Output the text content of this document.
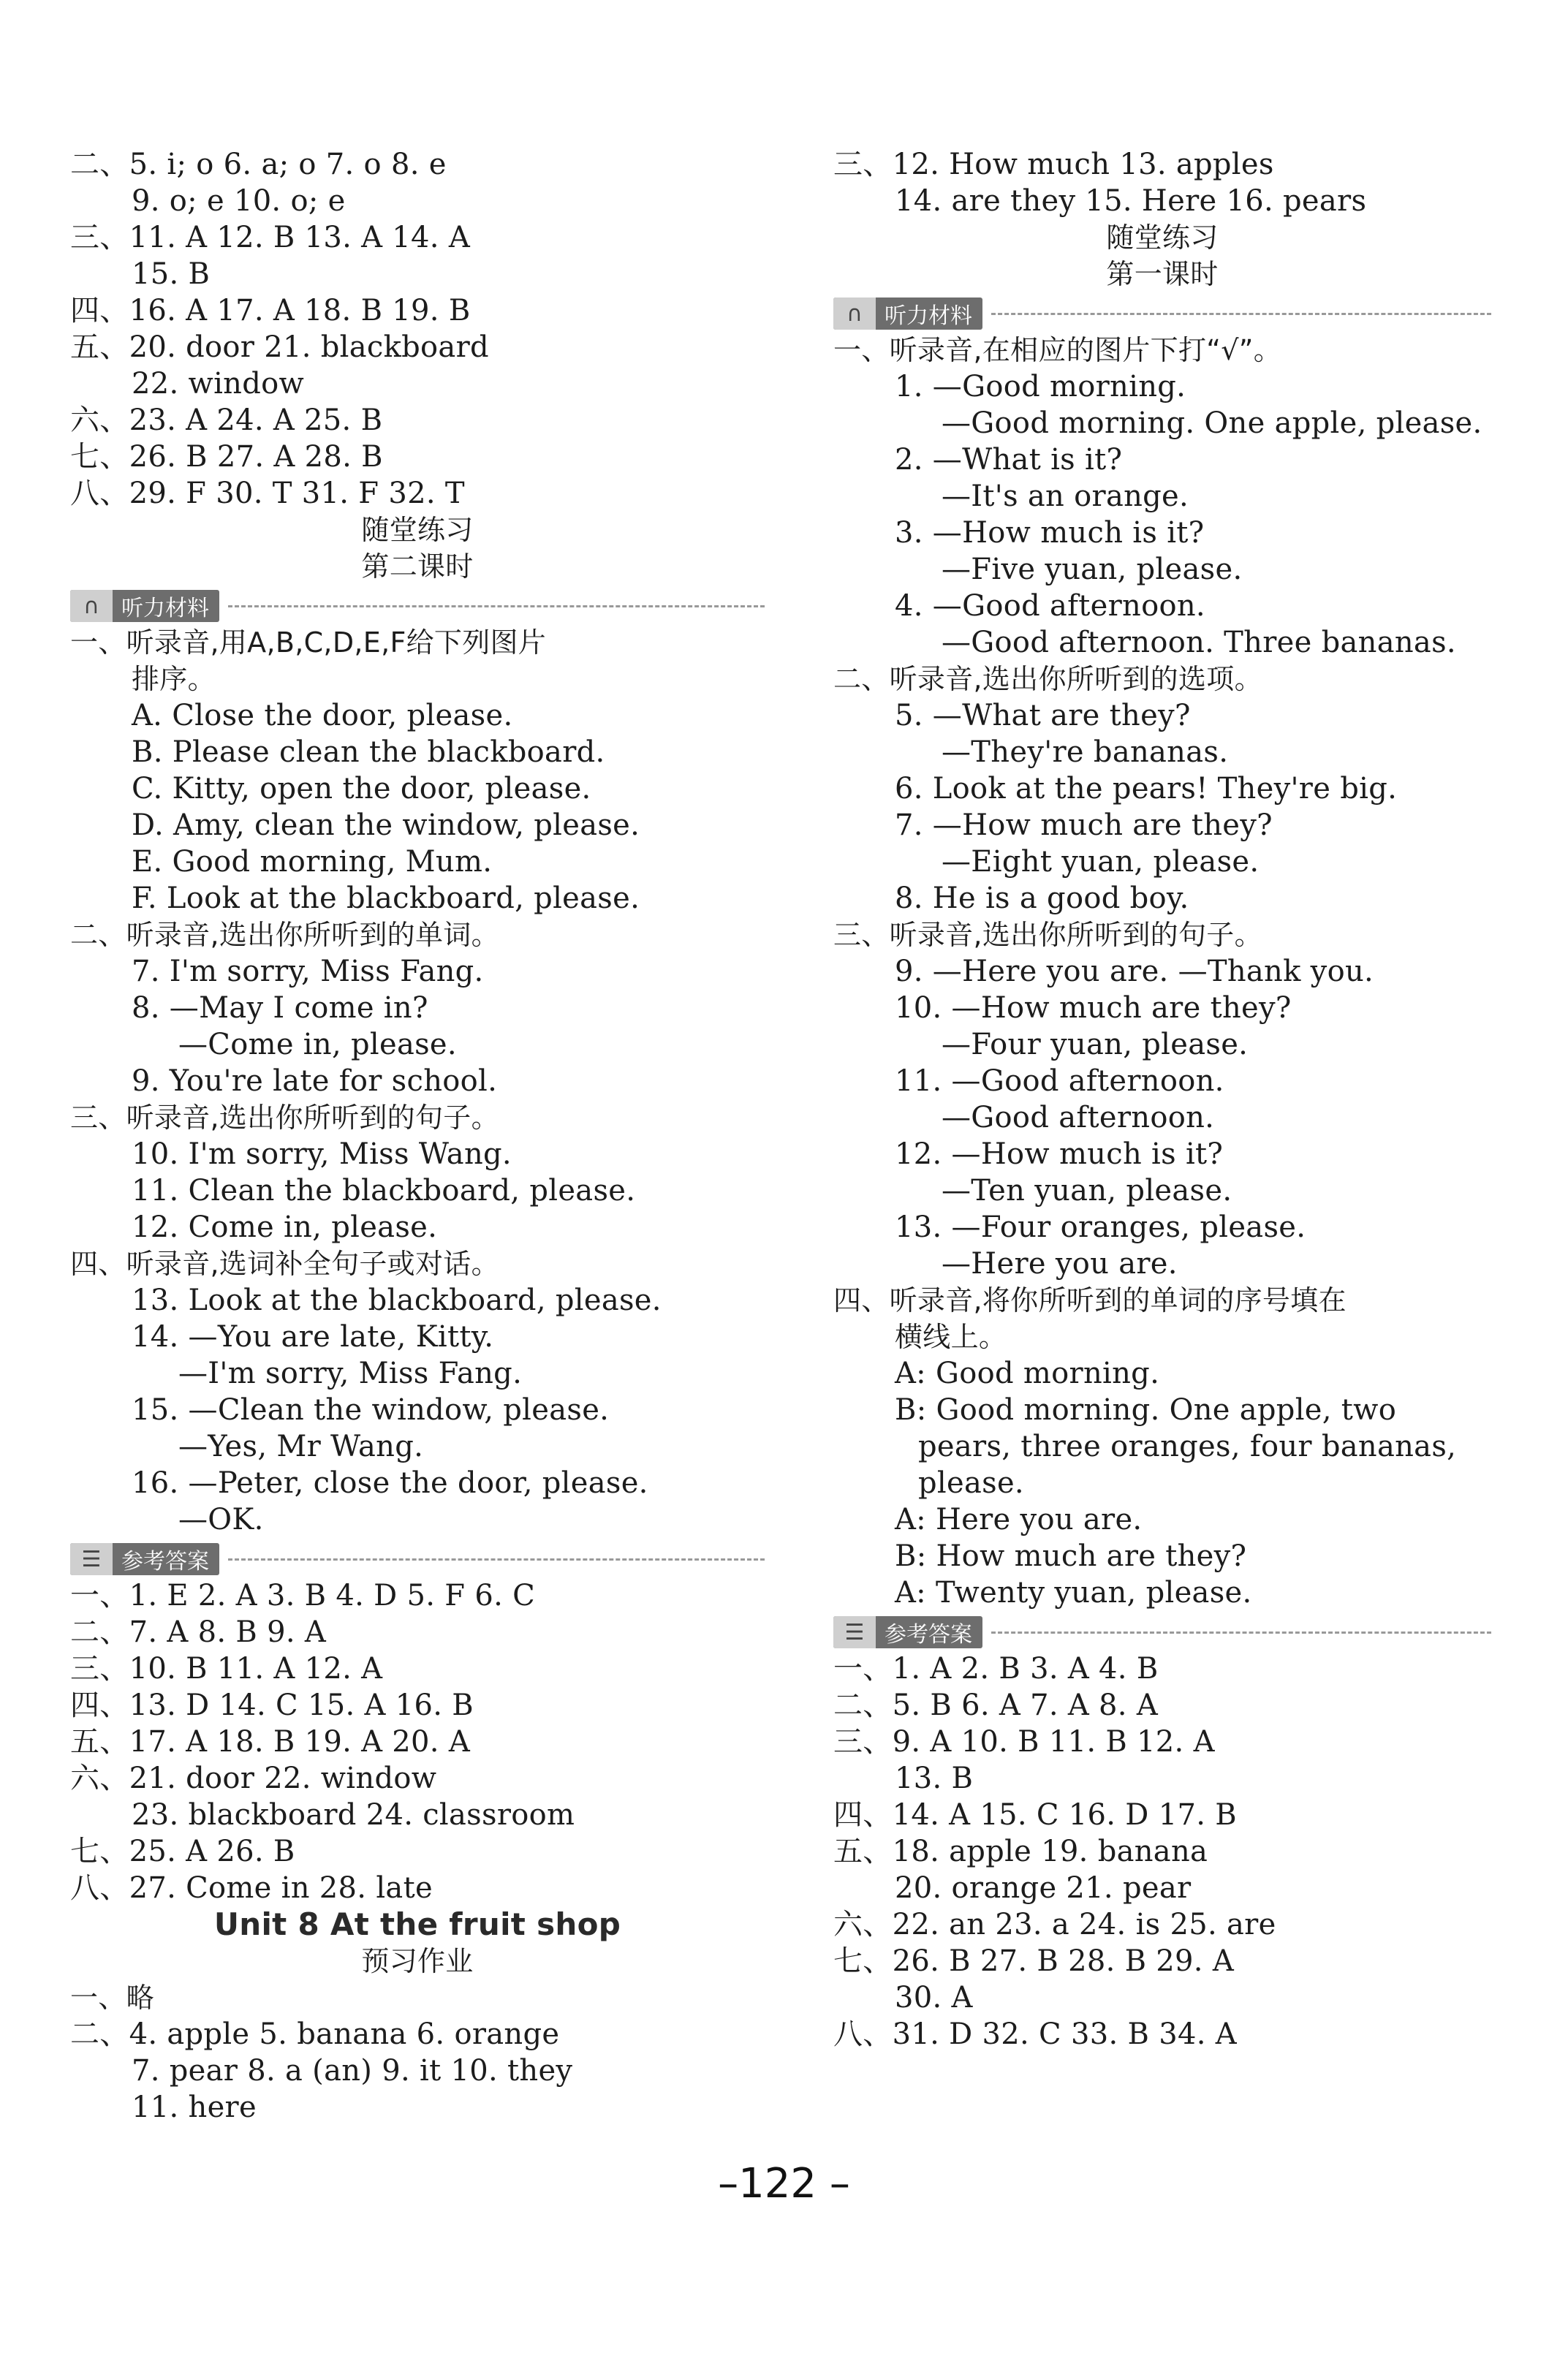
二、5. i; o 6. a; o 7. o 8. e
9. o; e 10. o; e
三、11. A 12. B 13. A 14. A
15. B
四、16. A 17. A 18. B 19. B
五、20. door 21. blackboard
22. window
六、23. A 24. A 25. B
七、26. B 27. A 28. B
八、29. F 30. T 31. F 32. T
随堂练习
第二课时
∩	听力材料
一、听录音,用A,B,C,D,E,F给下列图片
排序。
A. Close the door, please.
B. Please clean the blackboard.
C. Kitty, open the door, please.
D. Amy, clean the window, please.
E. Good morning, Mum.
F. Look at the blackboard, please.
二、听录音,选出你所听到的单词。
7. I'm sorry, Miss Fang.
8. —May I come in?
—Come in, please.
9. You're late for school.
三、听录音,选出你所听到的句子。
10. I'm sorry, Miss Wang.
11. Clean the blackboard, please.
12. Come in, please.
四、听录音,选词补全句子或对话。
13. Look at the blackboard, please.
14. —You are late, Kitty.
—I'm sorry, Miss Fang.
15. —Clean the window, please.
—Yes, Mr Wang.
16. —Peter, close the door, please.
—OK.
☰ 参考答案
一、1. E 2. A 3. B 4. D 5. F 6. C
二、7. A 8. B 9. A
三、10. B 11. A 12. A
四、13. D 14. C 15. A 16. B
五、17. A 18. B 19. A 20. A
六、21. door 22. window
23. blackboard 24. classroom
七、25. A 26. B
八、27. Come in 28. late
Unit 8 At the fruit shop
预习作业
一、略
二、4. apple 5. banana 6. orange
7. pear 8. a (an) 9. it 10. they
11. here
三、12. How much 13. apples
14. are they 15. Here 16. pears
随堂练习
第一课时
∩	听力材料
一、听录音,在相应的图片下打“√”。
1. —Good morning.
—Good morning. One apple, please.
2. —What is it?
—It's an orange.
3. —How much is it?
—Five yuan, please.
4. —Good afternoon.
—Good afternoon. Three bananas.
二、听录音,选出你所听到的选项。
5. —What are they?
—They're bananas.
6. Look at the pears! They're big.
7. —How much are they?
—Eight yuan, please.
8. He is a good boy.
三、听录音,选出你所听到的句子。
9. —Here you are. —Thank you.
10. —How much are they?
—Four yuan, please.
11. —Good afternoon.
—Good afternoon.
12. —How much is it?
—Ten yuan, please.
13. —Four oranges, please.
—Here you are.
四、听录音,将你所听到的单词的序号填在
横线上。
A: Good morning.
B: Good morning. One apple, two
pears, three oranges, four bananas,
please.
A: Here you are.
B: How much are they?
A: Twenty yuan, please.
☰ 参考答案
一、1. A 2. B 3. A 4. B
二、5. B 6. A 7. A 8. A
三、9. A 10. B 11. B 12. A
13. B
四、14. A 15. C 16. D 17. B
五、18. apple 19. banana
20. orange 21. pear
六、22. an 23. a 24. is 25. are
七、26. B 27. B 28. B 29. A
30. A
八、31. D 32. C 33. B 34. A
–122 –
